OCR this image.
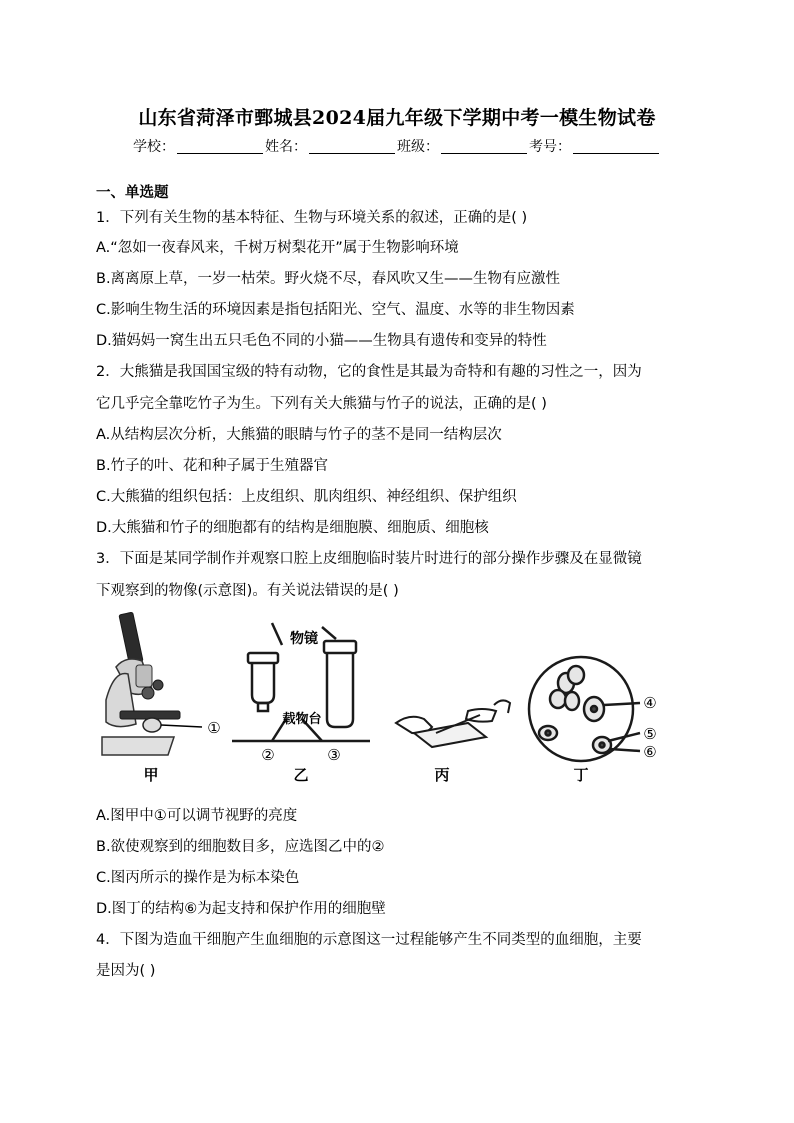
山东省菏泽市鄄城县2024届九年级下学期中考一模生物试卷
学校：	姓名：	班级：	考号：
一、单选题
1．下列有关生物的基本特征、生物与环境关系的叙述，正确的是( )
A.“忽如一夜春风来，千树万树梨花开”属于生物影响环境
B.离离原上草，一岁一枯荣。野火烧不尽，春风吹又生——生物有应激性
C.影响生物生活的环境因素是指包括阳光、空气、温度、水等的非生物因素
D.猫妈妈一窝生出五只毛色不同的小猫——生物具有遗传和变异的特性
2．大熊猫是我国国宝级的特有动物，它的食性是其最为奇特和有趣的习性之一，因为
它几乎完全靠吃竹子为生。下列有关大熊猫与竹子的说法，正确的是( )
A.从结构层次分析，大熊猫的眼睛与竹子的茎不是同一结构层次
B.竹子的叶、花和种子属于生殖器官
C.大熊猫的组织包括：上皮组织、肌肉组织、神经组织、保护组织
D.大熊猫和竹子的细胞都有的结构是细胞膜、细胞质、细胞核
3．下面是某同学制作并观察口腔上皮细胞临时装片时进行的部分操作步骤及在显微镜
下观察到的物像(示意图)。有关说法错误的是( )
①
甲
物镜
载物台
②	③
乙	丙
④
⑤
⑥
丁
A.图甲中①可以调节视野的亮度
B.欲使观察到的细胞数目多，应选图乙中的②
C.图丙所示的操作是为标本染色
D.图丁的结构⑥为起支持和保护作用的细胞壁
4．下图为造血干细胞产生血细胞的示意图这一过程能够产生不同类型的血细胞，主要
是因为( )
